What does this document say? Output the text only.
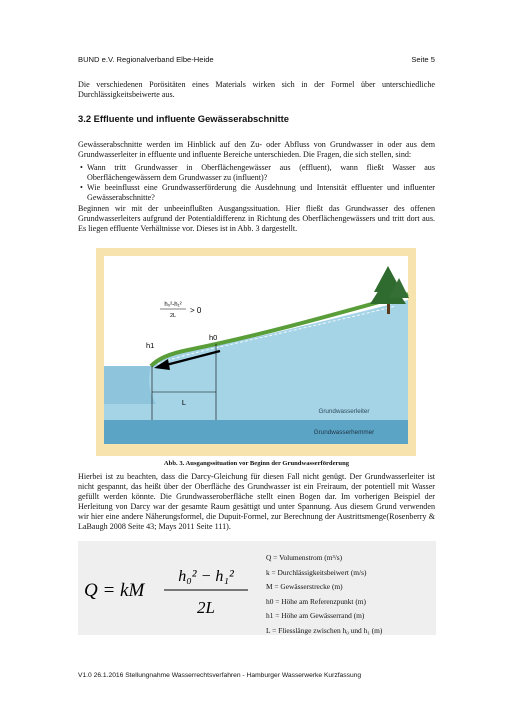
BUND e.V. Regionalverband Elbe-Heide	Seite 5
Die verschiedenen Porösitäten eines Materials wirken sich in der Formel über unterschiedliche Durchlässigkeitsbeiwerte aus.
3.2 Effluente und influente Gewässerabschnitte
Gewässerabschnitte werden im Hinblick auf den Zu- oder Abfluss von Grundwasser in oder aus dem Grundwasserleiter in effluente und influente Bereiche unterschieden. Die Fragen, die sich stellen, sind:
• Wann tritt Grundwasser in Oberflächengewässer aus (effluent), wann fließt Wasser aus Oberflächengewässern dem Grundwasser zu (influent)?
• Wie beeinflusst eine Grundwasserförderung die Ausdehnung und Intensität effluenter und influenter Gewässerabschnitte?
Beginnen wir mit der unbeeinflußten Ausgangssituation. Hier fließt das Grundwasser des offenen Grundwasserleiters aufgrund der Potentialdifferenz in Richtung des Oberflächengewässers und tritt dort aus. Es liegen effluente Verhältnisse vor. Dieses ist in Abb. 3 dargestellt.
h₀²-h₁²
2L
> 0
h0
h1
L
Grundwasserleiter
Grundwasserhemmer
Abb. 3. Ausgangssituation vor Beginn der Grundwasserförderung
Hierbei ist zu beachten, dass die Darcy-Gleichung für diesen Fall nicht genügt. Der Grundwasserleiter ist nicht gespannt, das heißt über der Oberfläche des Grundwasser ist ein Freiraum, der potentiell mit Wasser gefüllt werden könnte. Die Grundwasseroberfläche stellt einen Bogen dar. Im vorherigen Beispiel der Herleitung von Darcy war der gesamte Raum gesättigt und unter Spannung. Aus diesem Grund verwenden wir hier eine andere Näherungsformel, die Dupuit-Formel, zur Berechnung der Austrittsmenge(Rosenberry & LaBaugh 2008 Seite 43; Mays 2011 Seite 111).
Q = kM
h₀² − h₁²
2L
Q = Volumenstrom (m³/s)
k = Durchlässigkeitsbeiwert (m/s)
M = Gewässerstrecke (m)
h0 = Höhe am Referenzpunkt (m)
h1 = Höhe am Gewässerrand (m)
L = Fliesslänge zwischen h₀ und h₁ (m)
V1.0 26.1.2016 Stellungnahme Wasserrechtsverfahren - Hamburger Wasserwerke Kurzfassung
